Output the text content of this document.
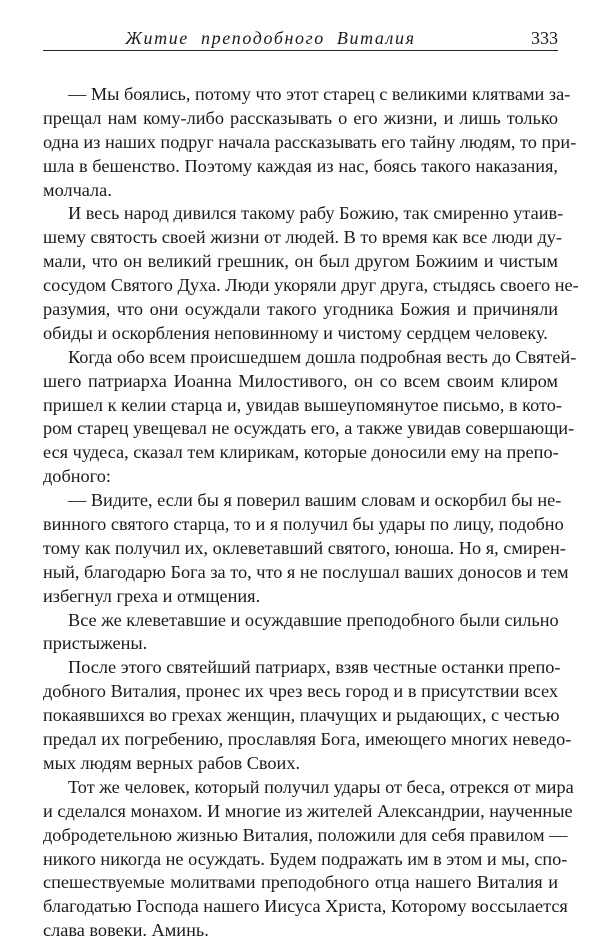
Житие преподобного Виталия	333
— Мы боялись, потому что этот старец с великими клятвами за-
прещал нам кому-либо рассказывать о его жизни, и лишь только
одна из наших подруг начала рассказывать его тайну людям, то при-
шла в бешенство. Поэтому каждая из нас, боясь такого наказания,
молчала.
И весь народ дивился такому рабу Божию, так смиренно утаив-
шему святость своей жизни от людей. В то время как все люди ду-
мали, что он великий грешник, он был другом Божиим и чистым
сосудом Святого Духа. Люди укоряли друг друга, стыдясь своего не-
разумия, что они осуждали такого угодника Божия и причиняли
обиды и оскорбления неповинному и чистому сердцем человеку.
Когда обо всем происшедшем дошла подробная весть до Святей-
шего патриарха Иоанна Милостивого, он со всем своим клиром
пришел к келии старца и, увидав вышеупомянутое письмо, в кото-
ром старец увещевал не осуждать его, а также увидав совершающи-
еся чудеса, сказал тем клирикам, которые доносили ему на препо-
добного:
— Видите, если бы я поверил вашим словам и оскорбил бы не-
винного святого старца, то и я получил бы удары по лицу, подобно
тому как получил их, оклеветавший святого, юноша. Но я, смирен-
ный, благодарю Бога за то, что я не послушал ваших доносов и тем
избегнул греха и отмщения.
Все же клеветавшие и осуждавшие преподобного были сильно
пристыжены.
После этого святейший патриарх, взяв честные останки препо-
добного Виталия, пронес их чрез весь город и в присутствии всех
покаявшихся во грехах женщин, плачущих и рыдающих, с честью
предал их погребению, прославляя Бога, имеющего многих неведо-
мых людям верных рабов Своих.
Тот же человек, который получил удары от беса, отрекся от мира
и сделался монахом. И многие из жителей Александрии, наученные
добродетельною жизнью Виталия, положили для себя правилом —
никого никогда не осуждать. Будем подражать им в этом и мы, спо-
спешествуемые молитвами преподобного отца нашего Виталия и
благодатью Господа нашего Иисуса Христа, Которому воссылается
слава вовеки. Аминь.
